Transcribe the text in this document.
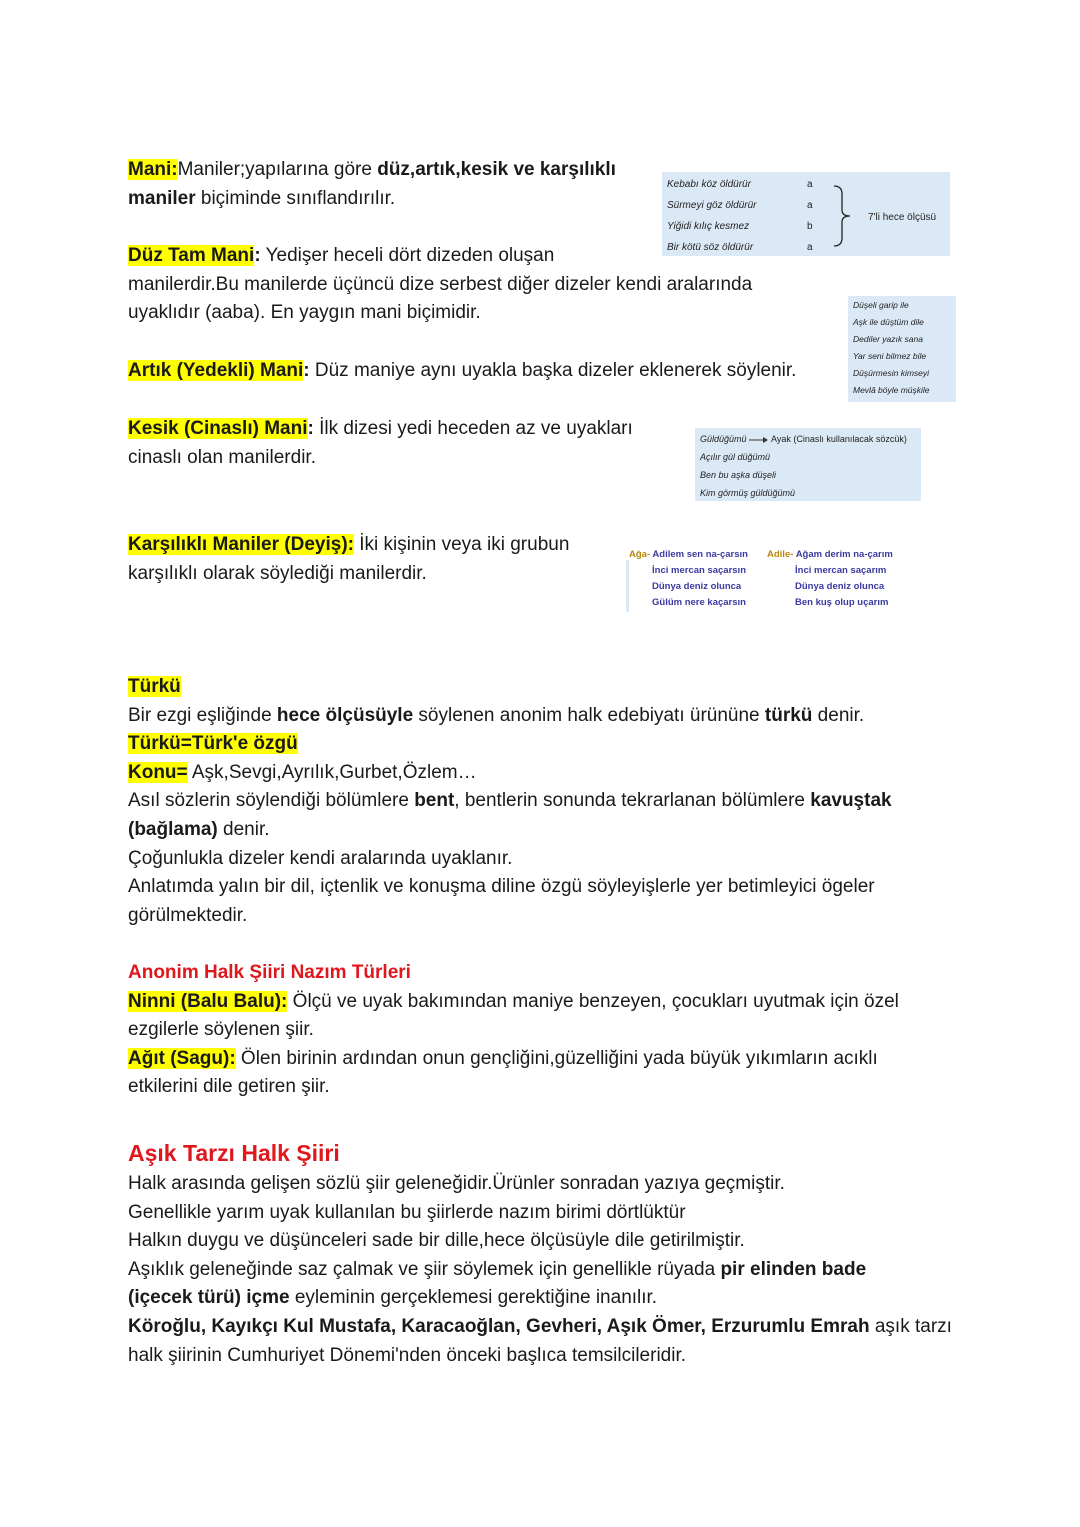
Mani:Maniler;yapılarına göre düz,artık,kesik ve karşılıklı
maniler biçiminde sınıflandırılır.
Kebabı köz öldürür
Sürmeyi göz öldürür
Yiğidi kılıç kesmez
Bir kötü söz öldürür
a
a
b
a
7'li hece ölçüsü
Düz Tam Mani: Yedişer heceli dört dizeden oluşan
manilerdir.Bu manilerde üçüncü dize serbest diğer dizeler kendi aralarında
uyaklıdır (aaba). En yaygın mani biçimidir.	Düşeli garip ile
Aşk ile düştüm dile
Dediler yazık sana
Yar seni bilmez bile
Düşürmesin kimseyi
Mevlâ böyle müşkile
Artık (Yedekli) Mani: Düz maniye aynı uyakla başka dizeler eklenerek söylenir.
Kesik (Cinaslı) Mani: İlk dizesi yedi heceden az ve uyakları
cinaslı olan manilerdir.
Güldüğümü	Ayak (Cinaslı kullanılacak sözcük)
Açılır gül düğümü
Ben bu aşka düşeli
Kim görmüş güldüğümü
Karşılıklı Maniler (Deyiş): İki kişinin veya iki grubun
karşılıklı olarak söylediği manilerdir.
Ağa- Adilem sen na-çarsın
İnci mercan saçarsın
Dünya deniz olunca
Gülüm nere kaçarsın
Adile- Ağam derim na-çarım
İnci mercan saçarım
Dünya deniz olunca
Ben kuş olup uçarım
Türkü
Bir ezgi eşliğinde hece ölçüsüyle söylenen anonim halk edebiyatı ürününe türkü denir.
Türkü=Türk'e özgü
Konu= Aşk,Sevgi,Ayrılık,Gurbet,Özlem…
Asıl sözlerin söylendiği bölümlere bent, bentlerin sonunda tekrarlanan bölümlere kavuştak
(bağlama) denir.
Çoğunlukla dizeler kendi aralarında uyaklanır.
Anlatımda yalın bir dil, içtenlik ve konuşma diline özgü söyleyişlerle yer betimleyici ögeler
görülmektedir.
Anonim Halk Şiiri Nazım Türleri
Ninni (Balu Balu): Ölçü ve uyak bakımından maniye benzeyen, çocukları uyutmak için özel
ezgilerle söylenen şiir.
Ağıt (Sagu): Ölen birinin ardından onun gençliğini,güzelliğini yada büyük yıkımların acıklı
etkilerini dile getiren şiir.
Aşık Tarzı Halk Şiiri
Halk arasında gelişen sözlü şiir geleneğidir.Ürünler sonradan yazıya geçmiştir.
Genellikle yarım uyak kullanılan bu şiirlerde nazım birimi dörtlüktür
Halkın duygu ve düşünceleri sade bir dille,hece ölçüsüyle dile getirilmiştir.
Aşıklık geleneğinde saz çalmak ve şiir söylemek için genellikle rüyada pir elinden bade
(içecek türü) içme eyleminin gerçeklemesi gerektiğine inanılır.
Köroğlu, Kayıkçı Kul Mustafa, Karacaoğlan, Gevheri, Aşık Ömer, Erzurumlu Emrah aşık tarzı
halk şiirinin Cumhuriyet Dönemi'nden önceki başlıca temsilcileridir.
